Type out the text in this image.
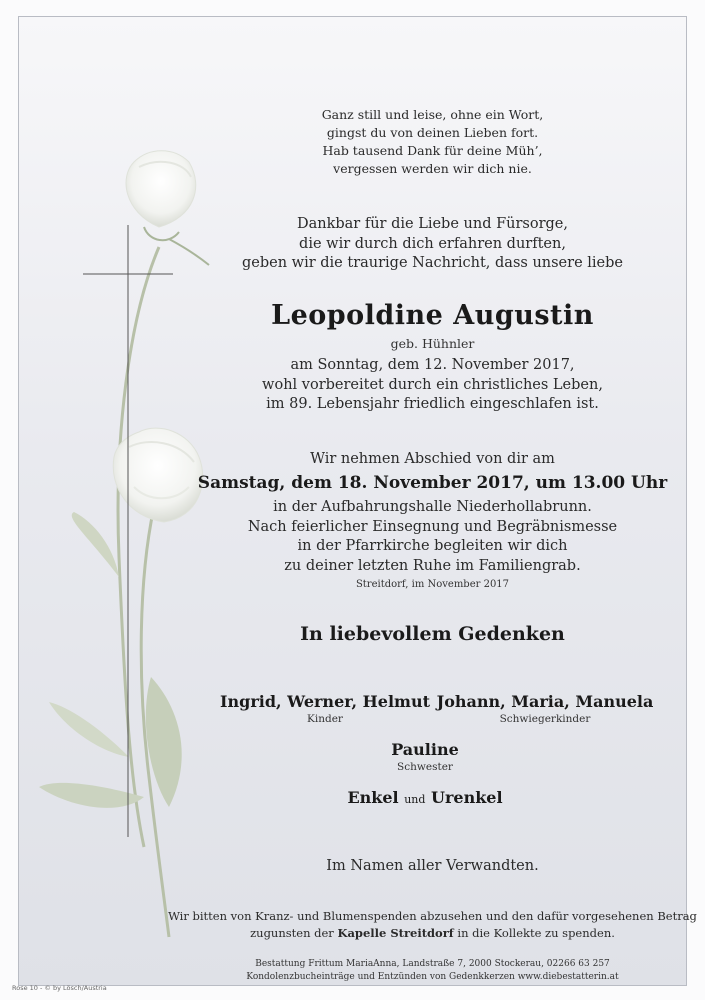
Ganz still und leise, ohne ein Wort,
gingst du von deinen Lieben fort.
Hab tausend Dank für deine Müh’,
vergessen werden wir dich nie.
Dankbar für die Liebe und Fürsorge,
die wir durch dich erfahren durften,
geben wir die traurige Nachricht, dass unsere liebe
Leopoldine Augustin
geb. Hühnler
am Sonntag, dem 12. November 2017,
wohl vorbereitet durch ein christliches Leben,
im 89. Lebensjahr friedlich eingeschlafen ist.
Wir nehmen Abschied von dir am
Samstag, dem 18. November 2017, um 13.00 Uhr
in der Aufbahrungshalle Niederhollabrunn.
Nach feierlicher Einsegnung und Begräbnismesse
in der Pfarrkirche begleiten wir dich
zu deiner letzten Ruhe im Familiengrab.
Streitdorf, im November 2017
In liebevollem Gedenken
Ingrid, Werner, Helmut
Kinder
Johann, Maria, Manuela
Schwiegerkinder
Pauline
Schwester
Enkel und Urenkel
Im Namen aller Verwandten.
Wir bitten von Kranz- und Blumenspenden abzusehen und den dafür vorgesehenen Betrag
zugunsten der Kapelle Streitdorf in die Kollekte zu spenden.
Bestattung Frittum MariaAnna, Landstraße 7, 2000 Stockerau, 02266 63 257
Kondolenzbucheinträge und Entzünden von Gedenkkerzen www.diebestatterin.at
Rose 10 - © by Lösch/Austria
